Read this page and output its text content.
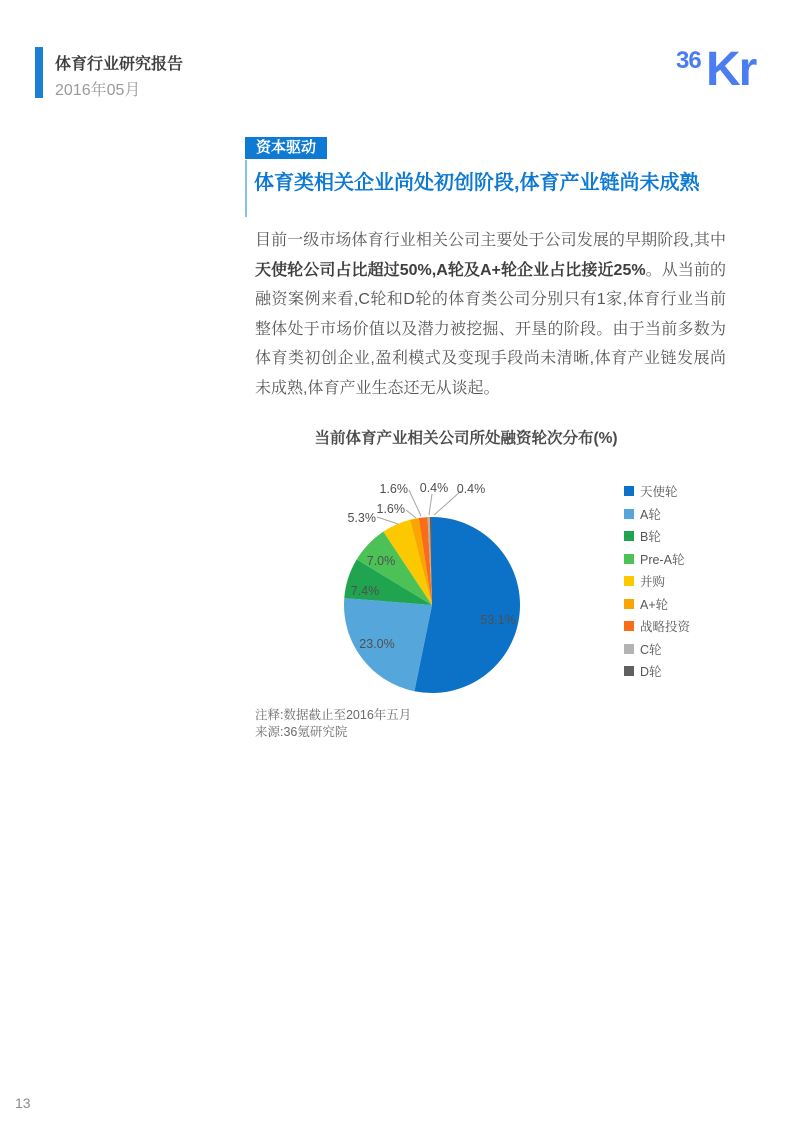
体育行业研究报告
2016年05月
36 Kr
资本驱动
体育类相关企业尚处初创阶段,体育产业链尚未成熟

目前一级市场体育行业相关公司主要处于公司发展的早期阶段,其中天使轮公司占比超过50%,A轮及A+轮企业占比接近25%。从当前的融资案例来看,C轮和D轮的体育类公司分别只有1家,体育行业当前整体处于市场价值以及潜力被挖掘、开垦的阶段。由于当前多数为体育类初创企业,盈利模式及变现手段尚未清晰,体育产业链发展尚未成熟,体育产业生态还无从谈起。

当前体育产业相关公司所处融资轮次分布(%)
53.1%
23.0%
7.4%
7.0%
5.3%
1.6%
1.6% 0.4% 0.4%	天使轮
A轮
B轮
Pre-A轮
并购
A+轮
战略投资
C轮
D轮
注释:数据截止至2016年五月
来源:36氪研究院
13
